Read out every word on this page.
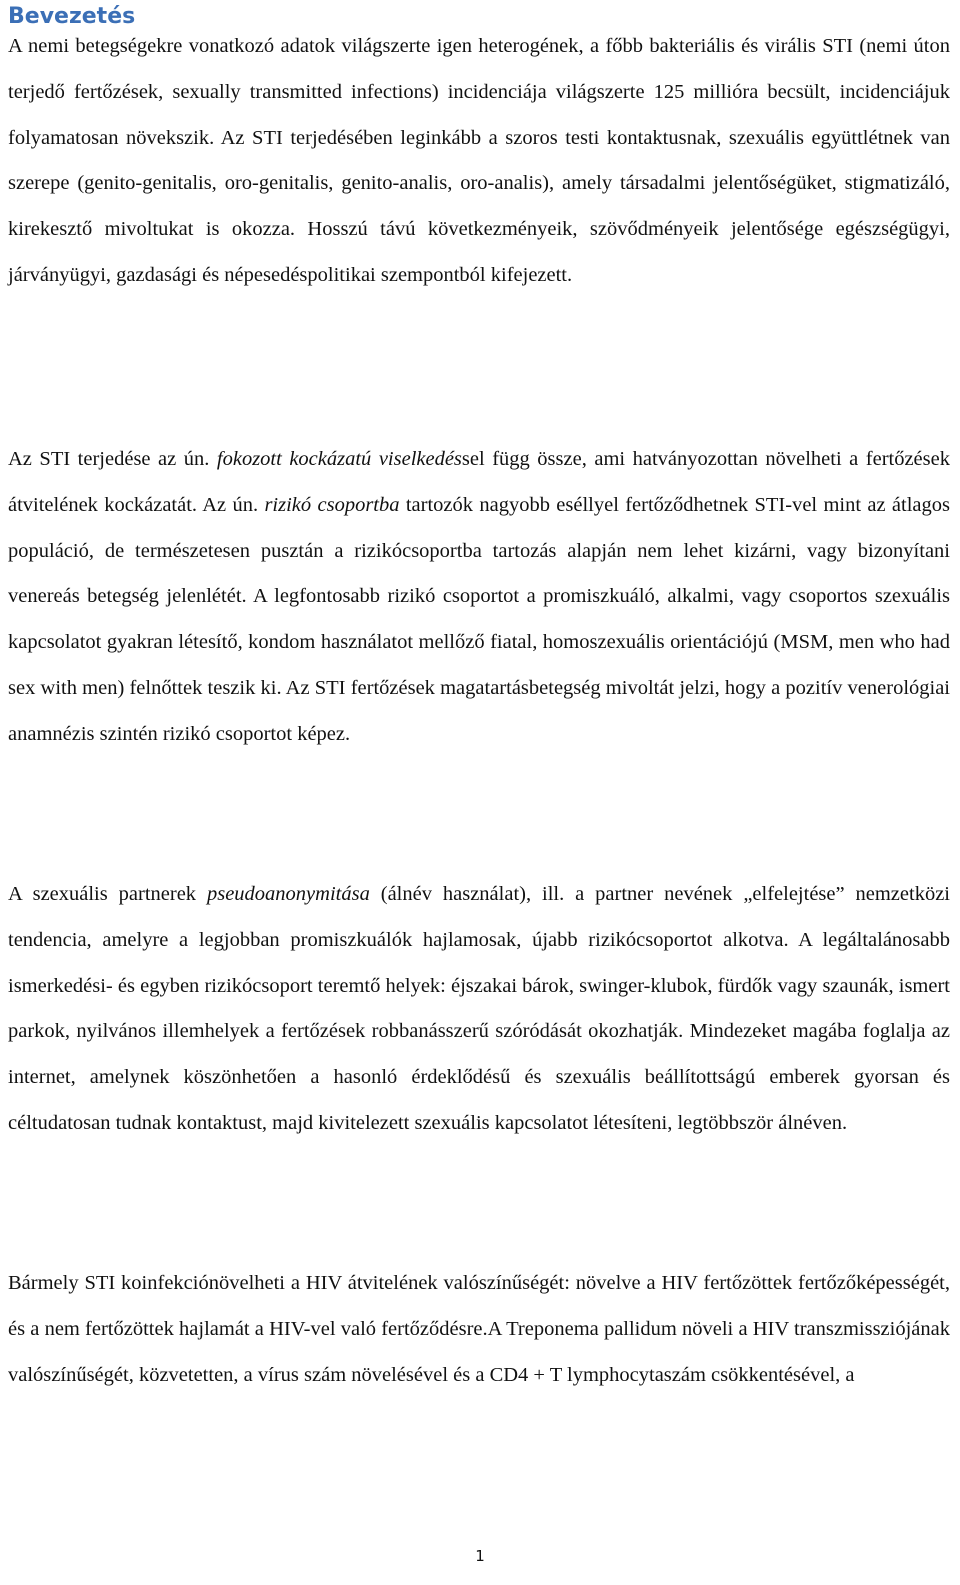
Bevezetés

A nemi betegségekre vonatkozó adatok világszerte igen heterogének, a főbb bakteriális és virális STI (nemi úton terjedő fertőzések, sexually transmitted infections) incidenciája világszerte 125 millióra becsült, incidenciájuk folyamatosan növekszik. Az STI terjedésében leginkább a szoros testi kontaktusnak, szexuális együttlétnek van szerepe (genito-genitalis, oro-genitalis, genito-analis, oro-analis), amely társadalmi jelentőségüket, stigmatizáló, kirekesztő mivoltukat is okozza. Hosszú távú következményeik, szövődményeik jelentősége egészségügyi, járványügyi, gazdasági és népesedéspolitikai szempontból kifejezett.

Az STI terjedése az ún. fokozott kockázatú viselkedéssel függ össze, ami hatványozottan növelheti a fertőzések átvitelének kockázatát. Az ún. rizikó csoportba tartozók nagyobb eséllyel fertőződhetnek STI-vel mint az átlagos populáció, de természetesen pusztán a rizikócsoportba tartozás alapján nem lehet kizárni, vagy bizonyítani venereás betegség jelenlétét. A legfontosabb rizikó csoportot a promiszkuáló, alkalmi, vagy csoportos szexuális kapcsolatot gyakran létesítő, kondom használatot mellőző fiatal, homoszexuális orientációjú (MSM, men who had sex with men) felnőttek teszik ki. Az STI fertőzések magatartásbetegség mivoltát jelzi, hogy a pozitív venerológiai anamnézis szintén rizikó csoportot képez.

A szexuális partnerek pseudoanonymitása (álnév használat), ill. a partner nevének „elfelejtése” nemzetközi tendencia, amelyre a legjobban promiszkuálók hajlamosak, újabb rizikócsoportot alkotva. A legáltalánosabb ismerkedési- és egyben rizikócsoport teremtő helyek: éjszakai bárok, swinger-klubok, fürdők vagy szaunák, ismert parkok, nyilvános illemhelyek a fertőzések robbanásszerű szóródását okozhatják. Mindezeket magába foglalja az internet, amelynek köszönhetően a hasonló érdeklődésű és szexuális beállítottságú emberek gyorsan és céltudatosan tudnak kontaktust, majd kivitelezett szexuális kapcsolatot létesíteni, legtöbbször álnéven.

Bármely STI koinfekciónövelheti a HIV átvitelének valószínűségét: növelve a HIV fertőzöttek fertőzőképességét, és a nem fertőzöttek hajlamát a HIV-vel való fertőződésre.A Treponema pallidum növeli a HIV transzmissziójának valószínűségét, közvetetten, a vírus szám növelésével és a CD4 + T lymphocytaszám csökkentésével, a

1
